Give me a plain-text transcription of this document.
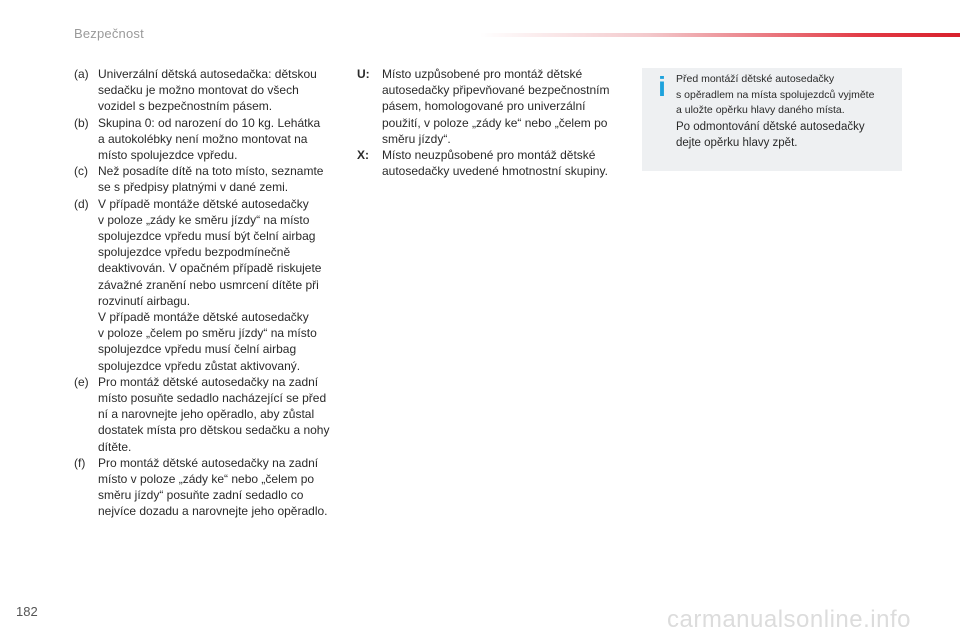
Bezpečnost
(a) Univerzální dětská autosedačka: dětskou
sedačku je možno montovat do všech
vozidel s bezpečnostním pásem.
(b) Skupina 0: od narození do 10 kg. Lehátka
a autokolébky není možno montovat na
místo spolujezdce vpředu.
(c) Než posadíte dítě na toto místo, seznamte
se s předpisy platnými v dané zemi.
(d) V případě montáže dětské autosedačky
v poloze „zády ke směru jízdy“ na místo
spolujezdce vpředu musí být čelní airbag
spolujezdce vpředu bezpodmínečně
deaktivován. V opačném případě riskujete
závažné zranění nebo usmrcení dítěte při
rozvinutí airbagu.
V případě montáže dětské autosedačky
v poloze „čelem po směru jízdy“ na místo
spolujezdce vpředu musí čelní airbag
spolujezdce vpředu zůstat aktivovaný.
(e) Pro montáž dětské autosedačky na zadní
místo posuňte sedadlo nacházející se před
ní a narovnejte jeho opěradlo, aby zůstal
dostatek místa pro dětskou sedačku a nohy
dítěte.
(f)	Pro montáž dětské autosedačky na zadní
místo v poloze „zády ke“ nebo „čelem po
směru jízdy“ posuňte zadní sedadlo co
nejvíce dozadu a narovnejte jeho opěradlo.
U:	Místo uzpůsobené pro montáž dětské
autosedačky připevňované bezpečnostním
pásem, homologované pro univerzální
použití, v poloze „zády ke“ nebo „čelem po
směru jízdy“.
X:	Místo neuzpůsobené pro montáž dětské
autosedačky uvedené hmotnostní skupiny.
i Před montáží dětské autosedačky
s opěradlem na místa spolujezdců vyjměte
a uložte opěrku hlavy daného místa.

Po odmontování dětské autosedačky
dejte opěrku hlavy zpět.

182	carmanualsonline.info
